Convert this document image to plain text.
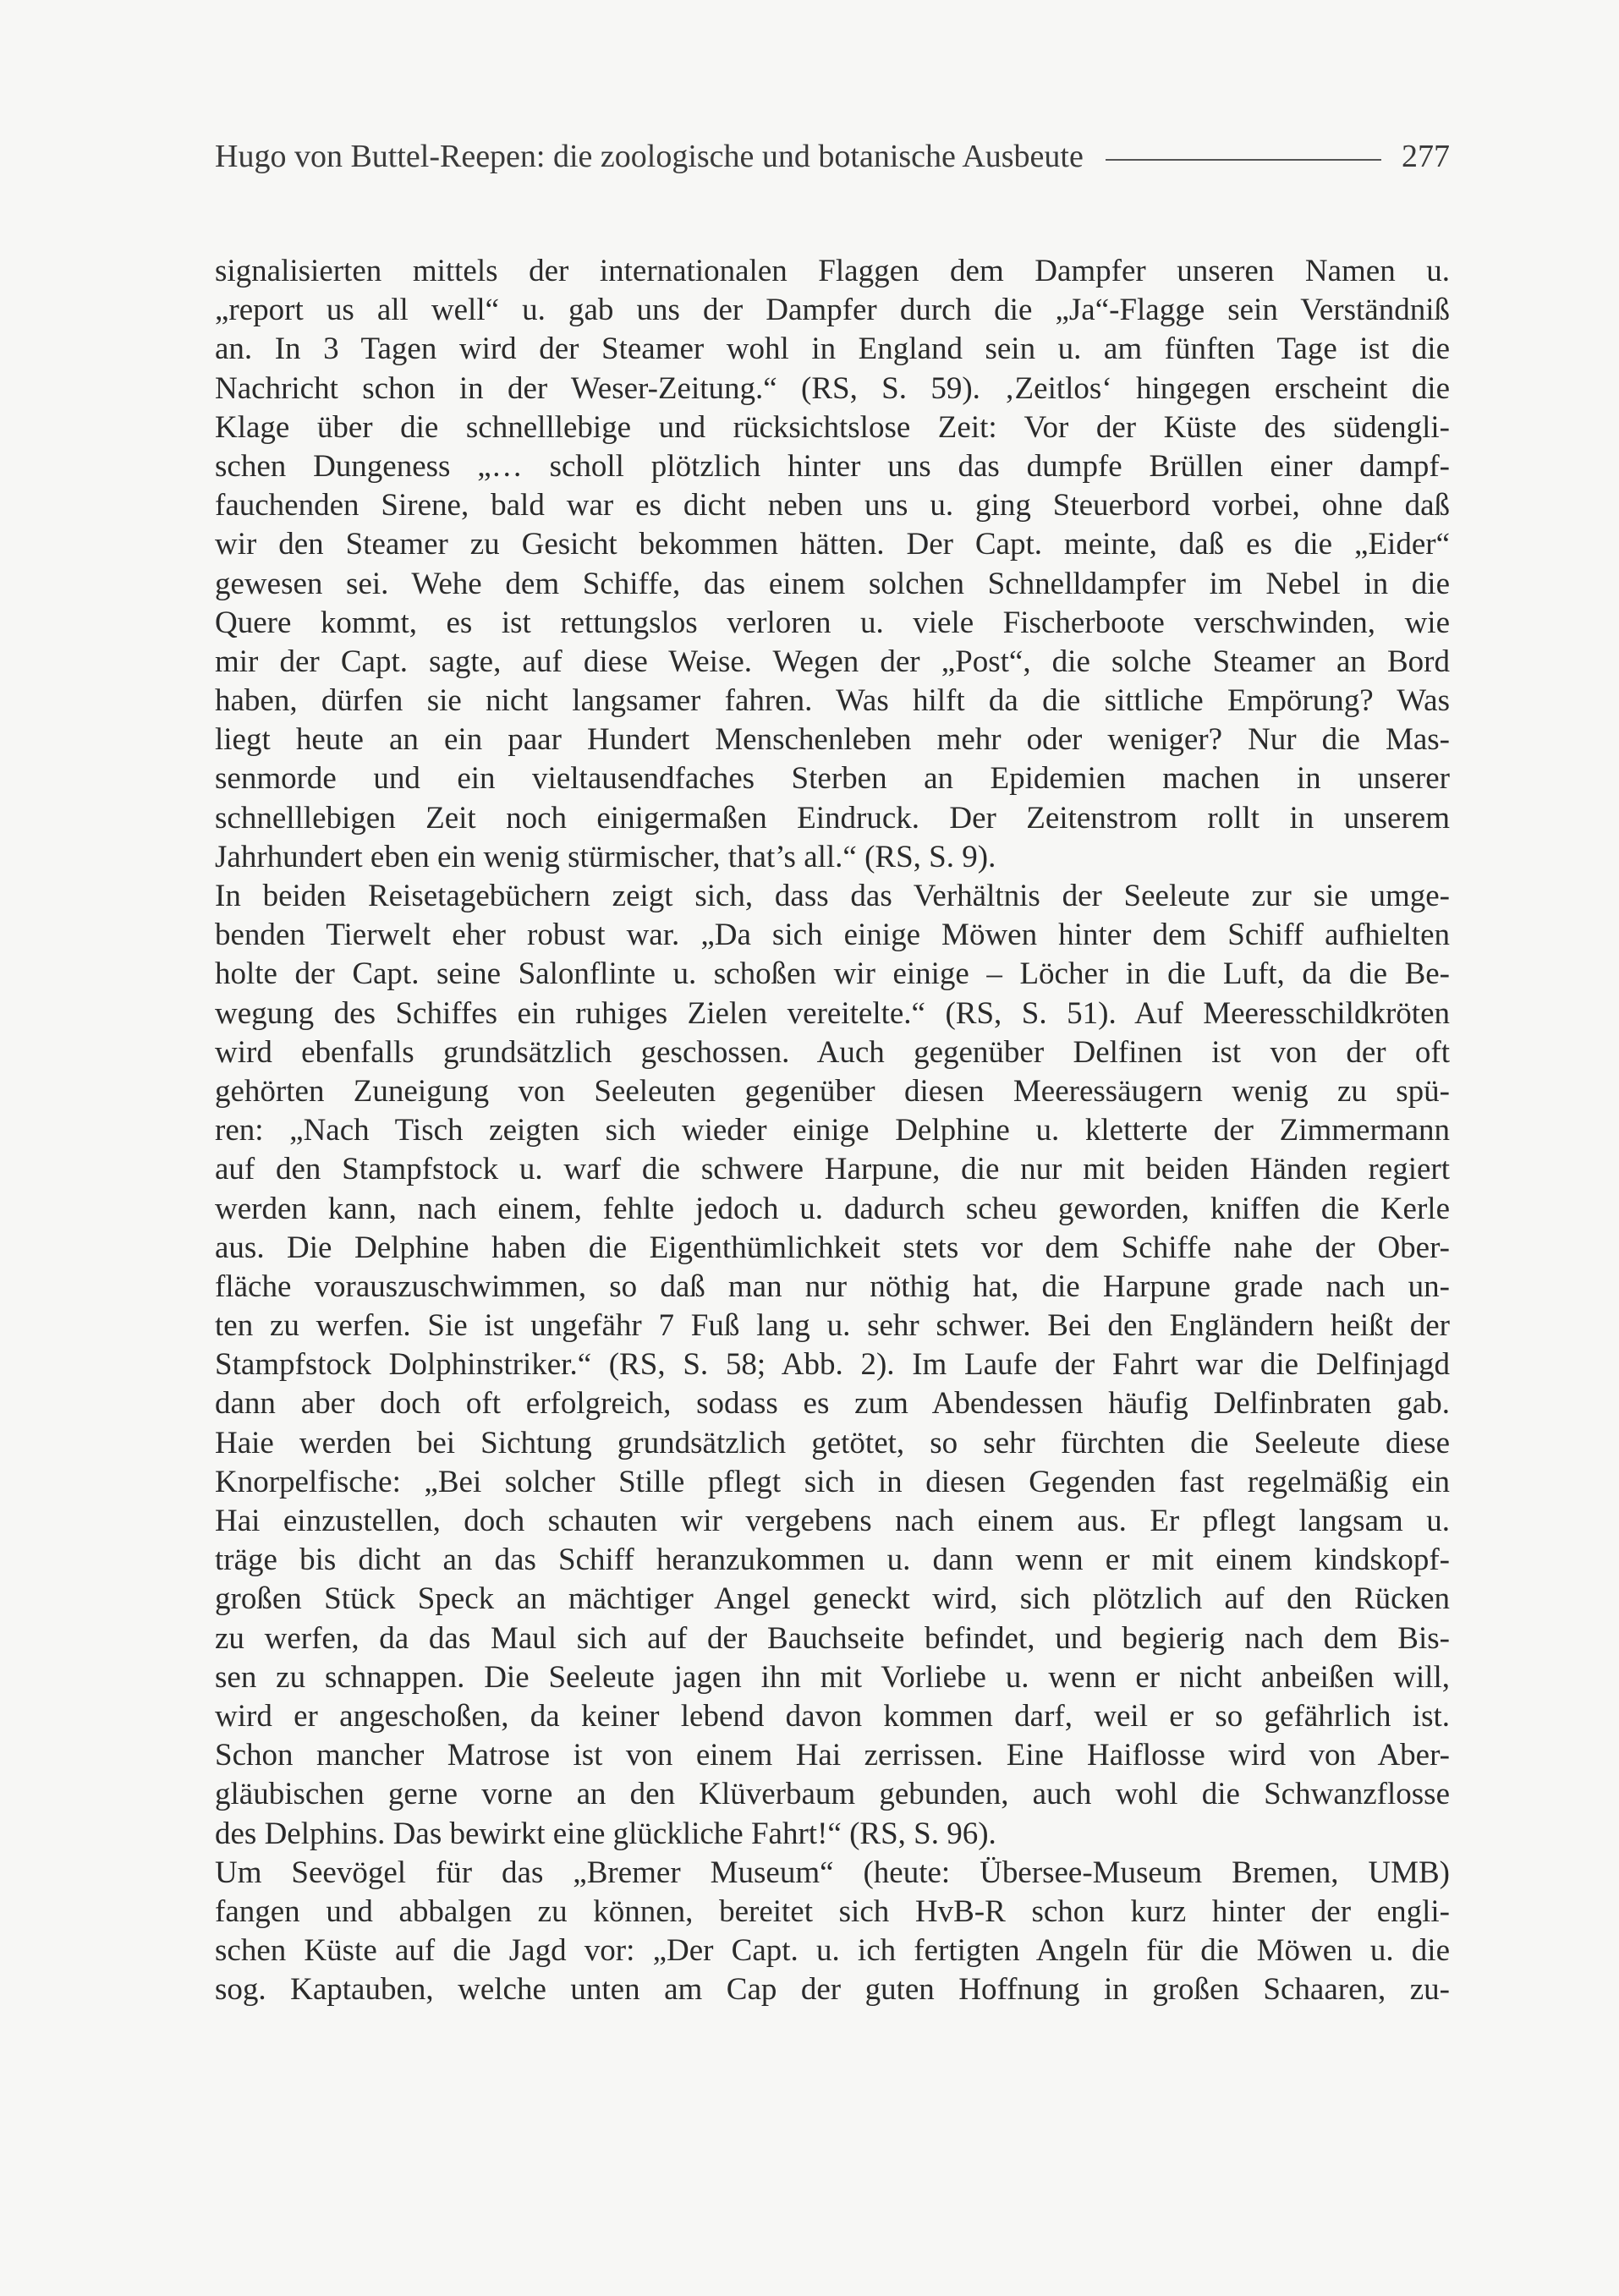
Hugo von Buttel-Reepen: die zoologische und botanische Ausbeute	277
signalisierten mittels der internationalen Flaggen dem Dampfer unseren Namen u.
„report us all well“ u. gab uns der Dampfer durch die „Ja“-Flagge sein Verständniß
an. In 3 Tagen wird der Steamer wohl in England sein u. am fünften Tage ist die
Nachricht schon in der Weser-Zeitung.“ (RS, S. 59). ‚Zeitlos‘ hingegen erscheint die
Klage über die schnelllebige und rücksichtslose Zeit: Vor der Küste des südengli-
schen Dungeness „… scholl plötzlich hinter uns das dumpfe Brüllen einer dampf-
fauchenden Sirene, bald war es dicht neben uns u. ging Steuerbord vorbei, ohne daß
wir den Steamer zu Gesicht bekommen hätten. Der Capt. meinte, daß es die „Eider“
gewesen sei. Wehe dem Schiffe, das einem solchen Schnelldampfer im Nebel in die
Quere kommt, es ist rettungslos verloren u. viele Fischerboote verschwinden, wie
mir der Capt. sagte, auf diese Weise. Wegen der „Post“, die solche Steamer an Bord
haben, dürfen sie nicht langsamer fahren. Was hilft da die sittliche Empörung? Was
liegt heute an ein paar Hundert Menschenleben mehr oder weniger? Nur die Mas-
senmorde und ein vieltausendfaches Sterben an Epidemien machen in unserer
schnelllebigen Zeit noch einigermaßen Eindruck. Der Zeitenstrom rollt in unserem
Jahrhundert eben ein wenig stürmischer, that’s all.“ (RS, S. 9).
In beiden Reisetagebüchern zeigt sich, dass das Verhältnis der Seeleute zur sie umge-
benden Tierwelt eher robust war. „Da sich einige Möwen hinter dem Schiff aufhielten
holte der Capt. seine Salonflinte u. schoßen wir einige – Löcher in die Luft, da die Be-
wegung des Schiffes ein ruhiges Zielen vereitelte.“ (RS, S. 51). Auf Meeresschildkröten
wird ebenfalls grundsätzlich geschossen. Auch gegenüber Delfinen ist von der oft
gehörten Zuneigung von Seeleuten gegenüber diesen Meeressäugern wenig zu spü-
ren: „Nach Tisch zeigten sich wieder einige Delphine u. kletterte der Zimmermann
auf den Stampfstock u. warf die schwere Harpune, die nur mit beiden Händen regiert
werden kann, nach einem, fehlte jedoch u. dadurch scheu geworden, kniffen die Kerle
aus. Die Delphine haben die Eigenthümlichkeit stets vor dem Schiffe nahe der Ober-
fläche vorauszuschwimmen, so daß man nur nöthig hat, die Harpune grade nach un-
ten zu werfen. Sie ist ungefähr 7 Fuß lang u. sehr schwer. Bei den Engländern heißt der
Stampfstock Dolphinstriker.“ (RS, S. 58; Abb. 2). Im Laufe der Fahrt war die Delfinjagd
dann aber doch oft erfolgreich, sodass es zum Abendessen häufig Delfinbraten gab.
Haie werden bei Sichtung grundsätzlich getötet, so sehr fürchten die Seeleute diese
Knorpelfische: „Bei solcher Stille pflegt sich in diesen Gegenden fast regelmäßig ein
Hai einzustellen, doch schauten wir vergebens nach einem aus. Er pflegt langsam u.
träge bis dicht an das Schiff heranzukommen u. dann wenn er mit einem kindskopf-
großen Stück Speck an mächtiger Angel geneckt wird, sich plötzlich auf den Rücken
zu werfen, da das Maul sich auf der Bauchseite befindet, und begierig nach dem Bis-
sen zu schnappen. Die Seeleute jagen ihn mit Vorliebe u. wenn er nicht anbeißen will,
wird er angeschoßen, da keiner lebend davon kommen darf, weil er so gefährlich ist.
Schon mancher Matrose ist von einem Hai zerrissen. Eine Haiflosse wird von Aber-
gläubischen gerne vorne an den Klüverbaum gebunden, auch wohl die Schwanzflosse
des Delphins. Das bewirkt eine glückliche Fahrt!“ (RS, S. 96).
Um Seevögel für das „Bremer Museum“ (heute: Übersee-Museum Bremen, UMB)
fangen und abbalgen zu können, bereitet sich HvB-R schon kurz hinter der engli-
schen Küste auf die Jagd vor: „Der Capt. u. ich fertigten Angeln für die Möwen u. die
sog. Kaptauben, welche unten am Cap der guten Hoffnung in großen Schaaren, zu-
